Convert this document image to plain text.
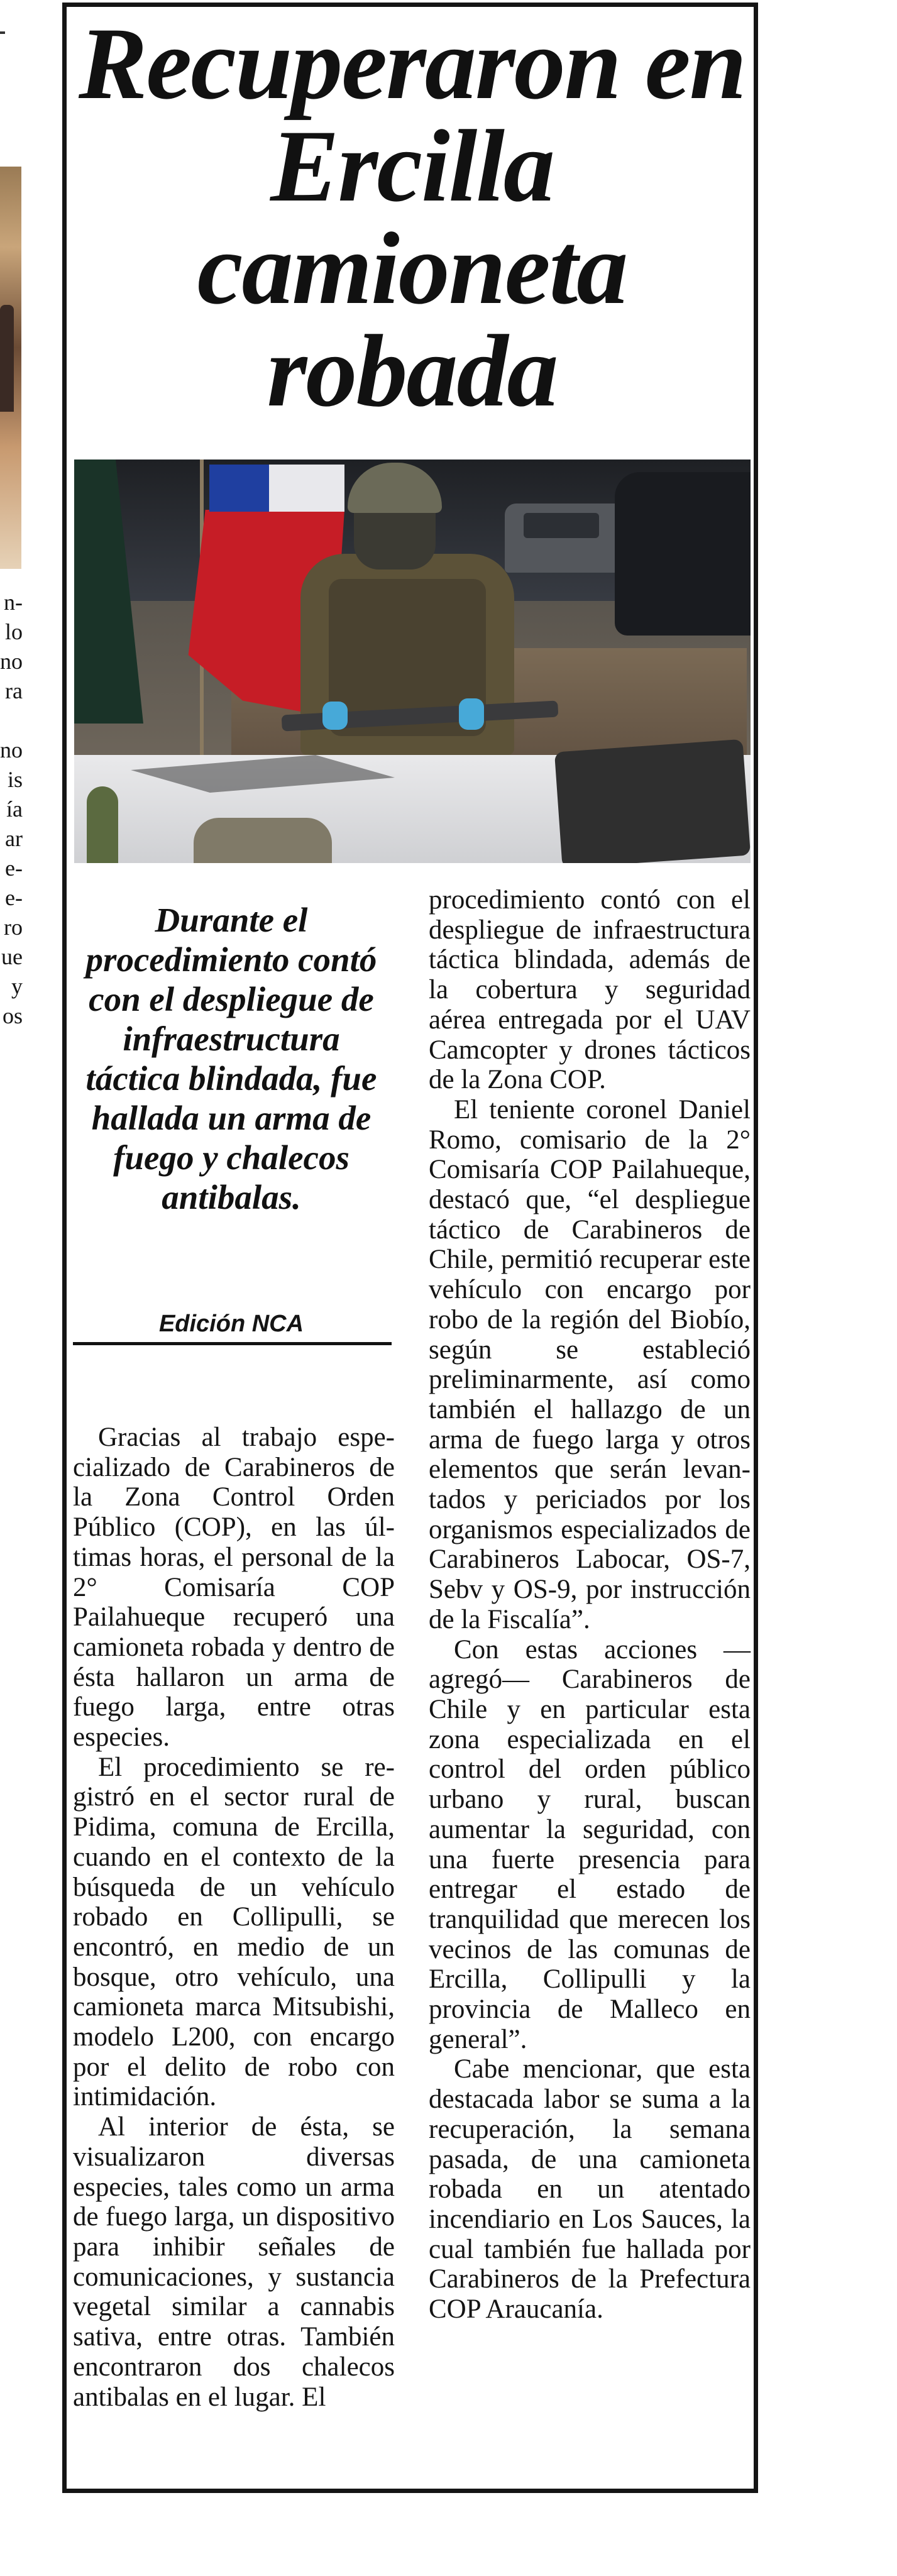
n-
lo
no
ra
no
is
ía
ar
e-
e-
ro
ue
y
os
Recuperaron en Ercilla camioneta robada

Durante el procedimiento contó con el despliegue de infraestructura táctica blindada, fue hallada un arma de fuego y chalecos antibalas.

Edición NCA

Gracias al trabajo especializado de Carabineros de la Zona Control Orden Público (COP), en las últimas horas, el personal de la 2° Comisaría COP Pailahueque recuperó una camioneta robada y dentro de ésta hallaron un arma de fuego larga, entre otras especies.

El procedimiento se registró en el sector rural de Pidima, comuna de Ercilla, cuando en el contexto de la búsqueda de un vehículo robado en Collipulli, se encontró, en medio de un bosque, otro vehículo, una camioneta marca Mitsubishi, modelo L200, con encargo por el delito de robo con intimidación.

Al interior de ésta, se visualizaron diversas especies, tales como un arma de fuego larga, un dispositivo para inhibir señales de comunicaciones, y sustancia vegetal similar a cannabis sativa, entre otras. También encontraron dos chalecos antibalas en el lugar. El

procedimiento contó con el despliegue de infraestructura táctica blindada, además de la cobertura y seguridad aérea entregada por el UAV Camcopter y drones tácticos de la Zona COP.

El teniente coronel Daniel Romo, comisario de la 2° Comisaría COP Pailahueque, destacó que, “el despliegue táctico de Carabineros de Chile, permitió recuperar este vehículo con encargo por robo de la región del Biobío, según se estableció preliminarmente, así como también el hallazgo de un arma de fuego larga y otros elementos que serán levantados y periciados por los organismos especializados de Carabineros Labocar, OS-7, Sebv y OS-9, por instrucción de la Fiscalía”.

Con estas acciones —agregó— Carabineros de Chile y en particular esta zona especializada en el control del orden público urbano y rural, buscan aumentar la seguridad, con una fuerte presencia para entregar el estado de tranquilidad que merecen los vecinos de las comunas de Ercilla, Collipulli y la provincia de Malleco en general”.

Cabe mencionar, que esta destacada labor se suma a la recuperación, la semana pasada, de una camioneta robada en un atentado incendiario en Los Sauces, la cual también fue hallada por Carabineros de la Prefectura COP Araucanía.
